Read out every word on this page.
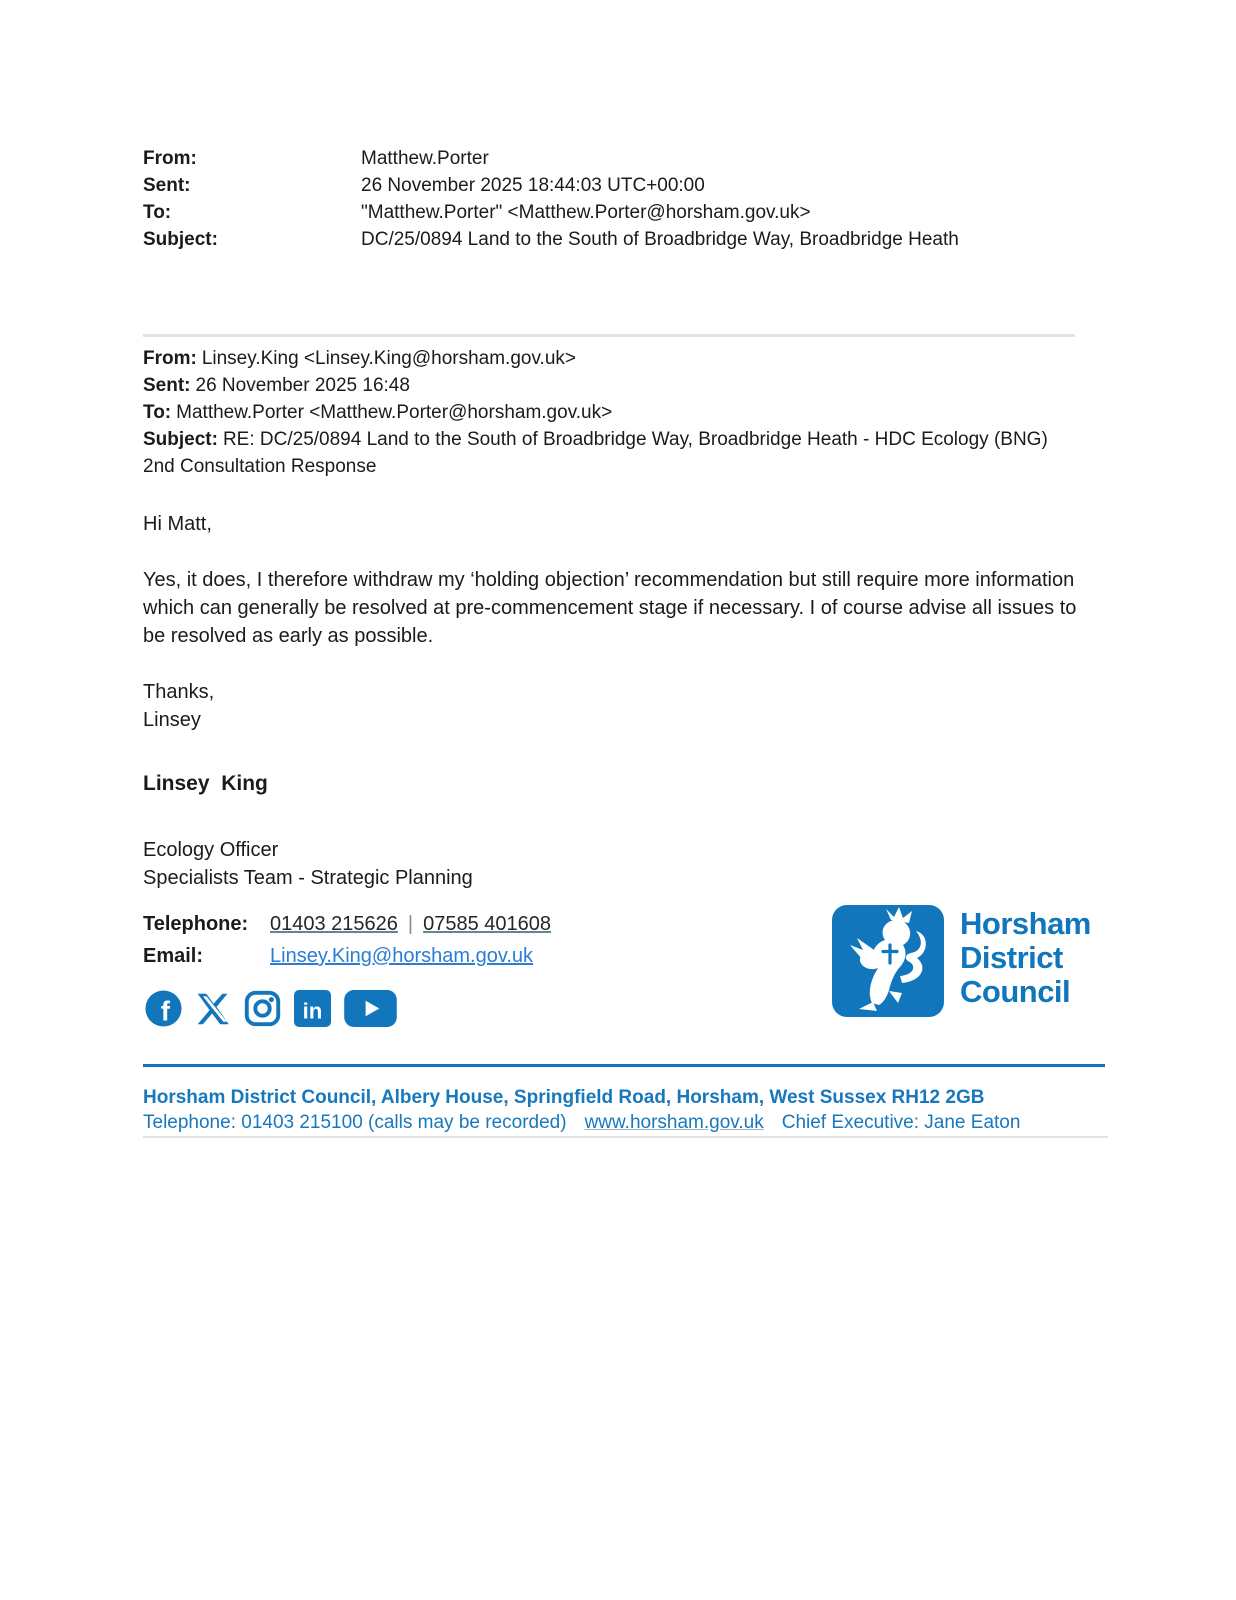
From:	Matthew.Porter
Sent:	26 November 2025 18:44:03 UTC+00:00
To:	"Matthew.Porter" <Matthew.Porter@horsham.gov.uk>
Subject:	DC/25/0894 Land to the South of Broadbridge Way, Broadbridge Heath

From: Linsey.King <Linsey.King@horsham.gov.uk>

Sent: 26 November 2025 16:48

To: Matthew.Porter <Matthew.Porter@horsham.gov.uk>

Subject: RE: DC/25/0894 Land to the South of Broadbridge Way, Broadbridge Heath - HDC Ecology (BNG) 2nd Consultation Response

Hi Matt,

Yes, it does, I therefore withdraw my ‘holding objection’ recommendation but still require more information which can generally be resolved at pre-commencement stage if necessary. I of course advise all issues to be resolved as early as possible.

Thanks,

Linsey

Linsey  King
Ecology Officer
Specialists Team - Strategic Planning
Telephone:	01403 215626 | 07585 401608
Email:	Linsey.King@horsham.gov.uk
f	in
Horsham
District
Council
Horsham District Council, Albery House, Springfield Road, Horsham, West Sussex RH12 2GB
Telephone: 01403 215100 (calls may be recorded) www.horsham.gov.uk Chief Executive: Jane Eaton
